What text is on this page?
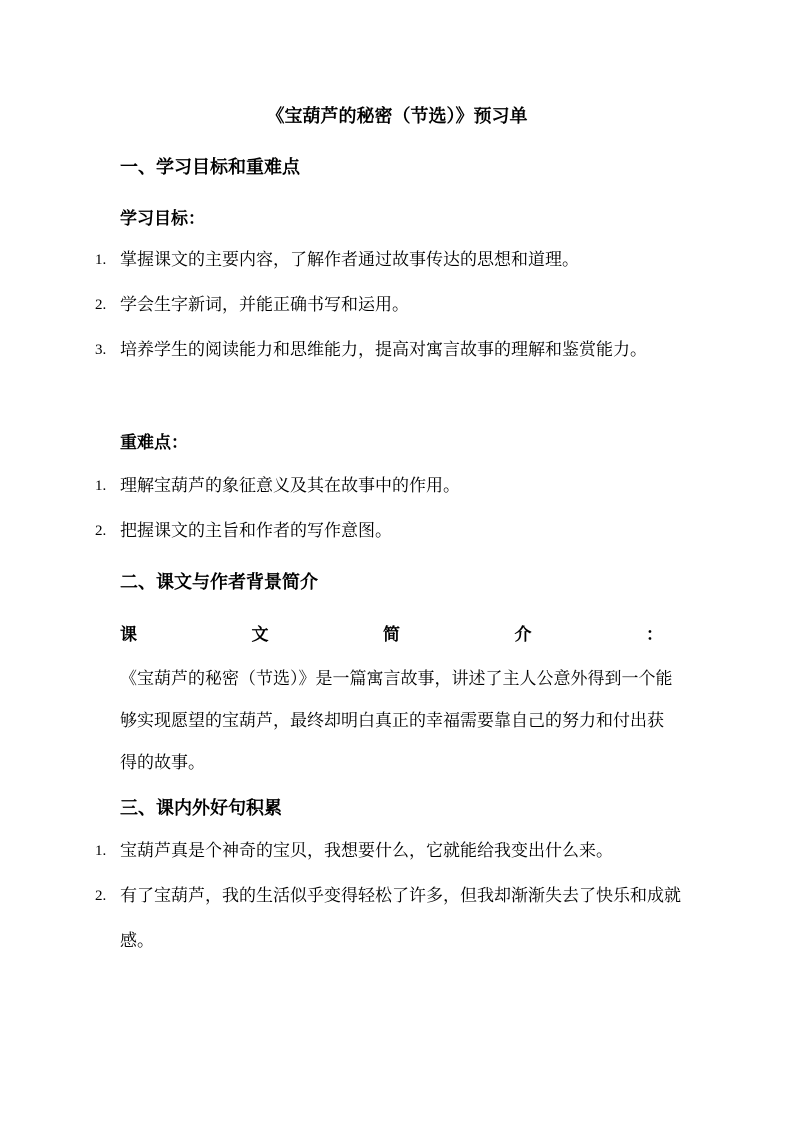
《宝葫芦的秘密（节选）》预习单
一、学习目标和重难点
学习目标：
1. 掌握课文的主要内容，了解作者通过故事传达的思想和道理。
2. 学会生字新词，并能正确书写和运用。
3. 培养学生的阅读能力和思维能力，提高对寓言故事的理解和鉴赏能力。
重难点：
1. 理解宝葫芦的象征意义及其在故事中的作用。
2. 把握课文的主旨和作者的写作意图。
二、课文与作者背景简介
课	文	简	介	：
《宝葫芦的秘密（节选）》是一篇寓言故事，讲述了主人公意外得到一个能够实现愿望的宝葫芦，最终却明白真正的幸福需要靠自己的努力和付出获得的故事。
三、课内外好句积累
1. 宝葫芦真是个神奇的宝贝，我想要什么，它就能给我变出什么来。
2. 有了宝葫芦，我的生活似乎变得轻松了许多，但我却渐渐失去了快乐和成就感。
